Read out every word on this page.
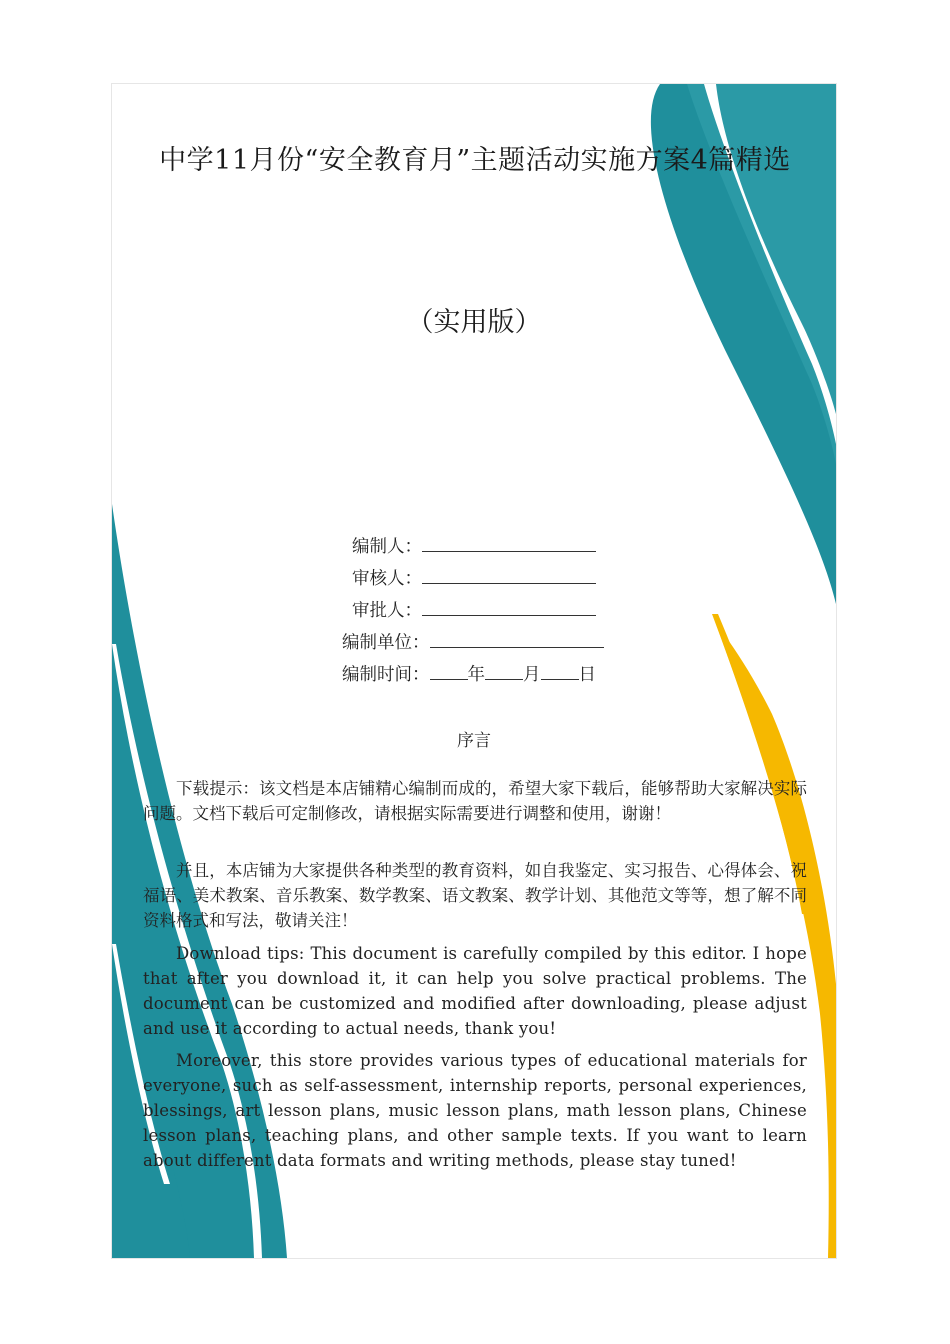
中学11月份“安全教育月”主题活动实施方案4篇精选
（实用版）
编制人：
审核人：
审批人：
编制单位：
编制时间： 年 月 日
序言

下载提示：该文档是本店铺精心编制而成的，希望大家下载后，能够帮助大家解决实际问题。文档下载后可定制修改，请根据实际需要进行调整和使用，谢谢！

并且，本店铺为大家提供各种类型的教育资料，如自我鉴定、实习报告、心得体会、祝福语、美术教案、音乐教案、数学教案、语文教案、教学计划、其他范文等等，想了解不同资料格式和写法，敬请关注！

Download tips: This document is carefully compiled by this editor. I hope that after you download it, it can help you solve practical problems. The document can be customized and modified after downloading, please adjust and use it according to actual needs, thank you!

Moreover, this store provides various types of educational materials for everyone, such as self-assessment, internship reports, personal experiences, blessings, art lesson plans, music lesson plans, math lesson plans, Chinese lesson plans, teaching plans, and other sample texts. If you want to learn about different data formats and writing methods, please stay tuned!
